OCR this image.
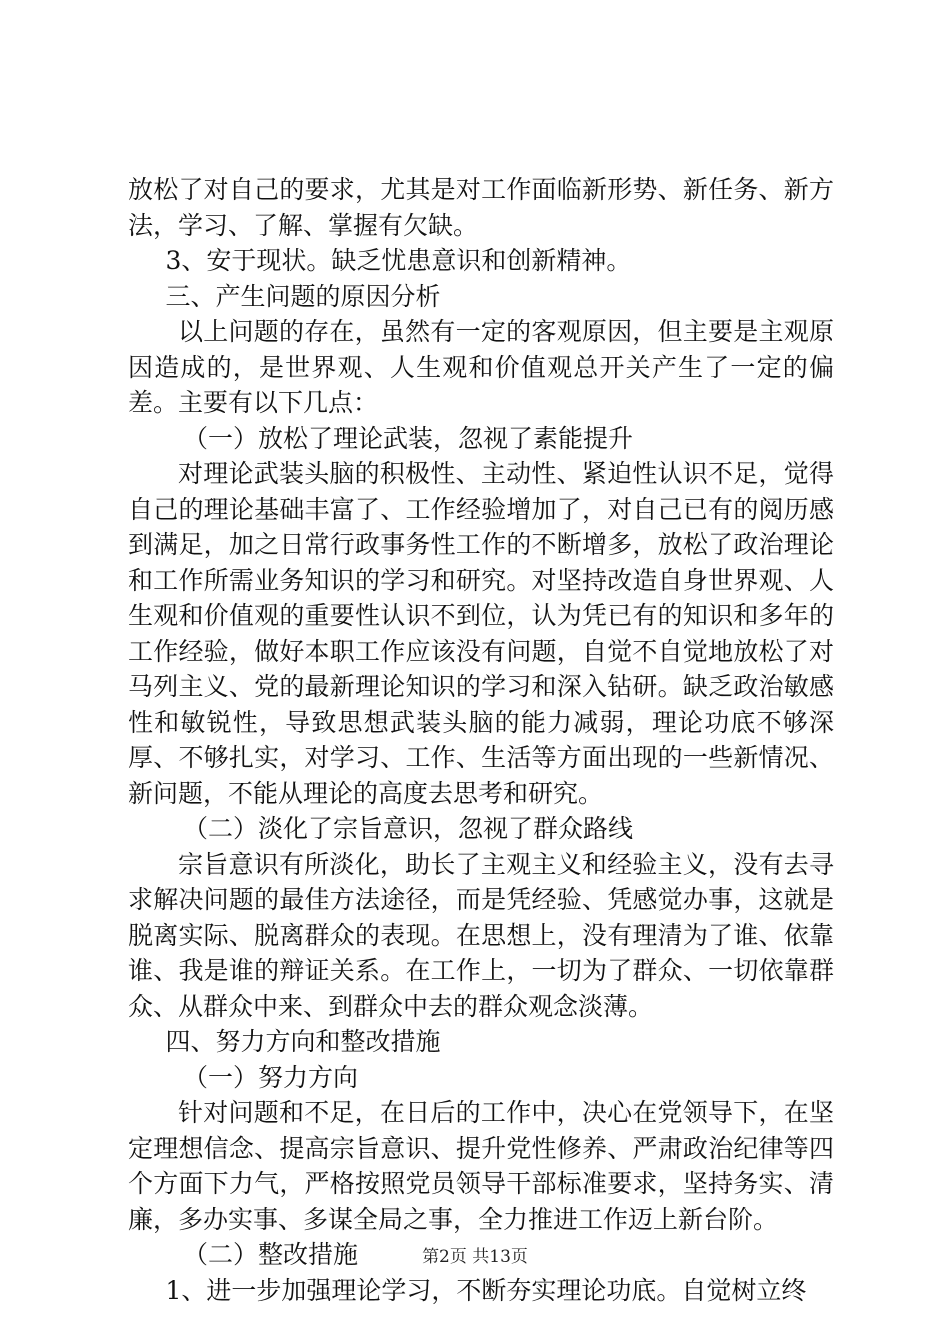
放松了对自己的要求，尤其是对工作面临新形势、新任务、新方法，学习、了解、掌握有欠缺。

3、安于现状。缺乏忧患意识和创新精神。

三、产生问题的原因分析

以上问题的存在，虽然有一定的客观原因，但主要是主观原因造成的，是世界观、人生观和价值观总开关产生了一定的偏差。主要有以下几点：

（一）放松了理论武装，忽视了素能提升

对理论武装头脑的积极性、主动性、紧迫性认识不足，觉得自己的理论基础丰富了、工作经验增加了，对自己已有的阅历感到满足，加之日常行政事务性工作的不断增多，放松了政治理论和工作所需业务知识的学习和研究。对坚持改造自身世界观、人生观和价值观的重要性认识不到位，认为凭已有的知识和多年的工作经验，做好本职工作应该没有问题，自觉不自觉地放松了对马列主义、党的最新理论知识的学习和深入钻研。缺乏政治敏感性和敏锐性，导致思想武装头脑的能力减弱，理论功底不够深厚、不够扎实，对学习、工作、生活等方面出现的一些新情况、新问题，不能从理论的高度去思考和研究。

（二）淡化了宗旨意识，忽视了群众路线

宗旨意识有所淡化，助长了主观主义和经验主义，没有去寻求解决问题的最佳方法途径，而是凭经验、凭感觉办事，这就是脱离实际、脱离群众的表现。在思想上，没有理清为了谁、依靠谁、我是谁的辩证关系。在工作上，一切为了群众、一切依靠群众、从群众中来、到群众中去的群众观念淡薄。

四、努力方向和整改措施

（一）努力方向

针对问题和不足，在日后的工作中，决心在党领导下，在坚定理想信念、提高宗旨意识、提升党性修养、严肃政治纪律等四个方面下力气，严格按照党员领导干部标准要求，坚持务实、清廉，多办实事、多谋全局之事，全力推进工作迈上新台阶。

（二）整改措施

1、进一步加强理论学习，不断夯实理论功底。自觉树立终

第2页 共13页
